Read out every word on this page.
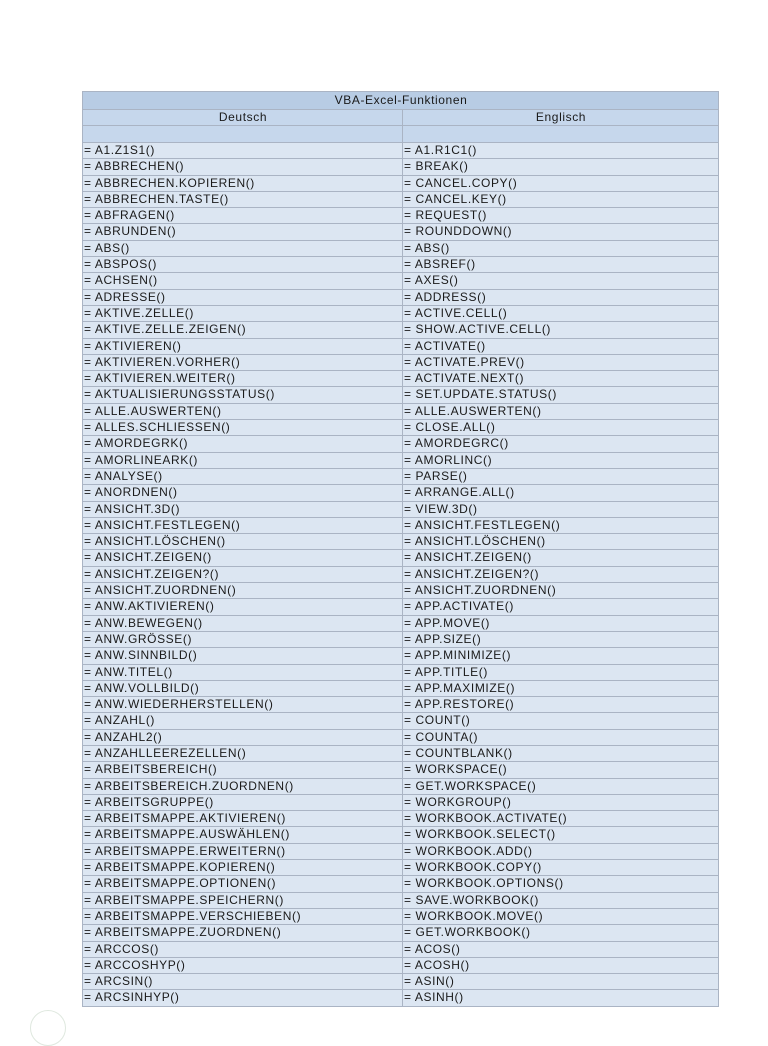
VBA-Excel-Funktionen	
Deutsch	Englisch

= A1.Z1S1()	= A1.R1C1()
= ABBRECHEN()	= BREAK()
= ABBRECHEN.KOPIEREN()	= CANCEL.COPY()
= ABBRECHEN.TASTE()	= CANCEL.KEY()
= ABFRAGEN()	= REQUEST()
= ABRUNDEN()	= ROUNDDOWN()
= ABS()	= ABS()
= ABSPOS()	= ABSREF()
= ACHSEN()	= AXES()
= ADRESSE()	= ADDRESS()
= AKTIVE.ZELLE()	= ACTIVE.CELL()
= AKTIVE.ZELLE.ZEIGEN()	= SHOW.ACTIVE.CELL()
= AKTIVIEREN()	= ACTIVATE()
= AKTIVIEREN.VORHER()	= ACTIVATE.PREV()
= AKTIVIEREN.WEITER()	= ACTIVATE.NEXT()
= AKTUALISIERUNGSSTATUS()	= SET.UPDATE.STATUS()
= ALLE.AUSWERTEN()	= ALLE.AUSWERTEN()
= ALLES.SCHLIESSEN()	= CLOSE.ALL()
= AMORDEGRK()	= AMORDEGRC()
= AMORLINEARK()	= AMORLINC()
= ANALYSE()	= PARSE()
= ANORDNEN()	= ARRANGE.ALL()
= ANSICHT.3D()	= VIEW.3D()
= ANSICHT.FESTLEGEN()	= ANSICHT.FESTLEGEN()
= ANSICHT.LÖSCHEN()	= ANSICHT.LÖSCHEN()
= ANSICHT.ZEIGEN()	= ANSICHT.ZEIGEN()
= ANSICHT.ZEIGEN?()	= ANSICHT.ZEIGEN?()
= ANSICHT.ZUORDNEN()	= ANSICHT.ZUORDNEN()
= ANW.AKTIVIEREN()	= APP.ACTIVATE()
= ANW.BEWEGEN()	= APP.MOVE()
= ANW.GRÖSSE()	= APP.SIZE()
= ANW.SINNBILD()	= APP.MINIMIZE()
= ANW.TITEL()	= APP.TITLE()
= ANW.VOLLBILD()	= APP.MAXIMIZE()
= ANW.WIEDERHERSTELLEN()	= APP.RESTORE()
= ANZAHL()	= COUNT()
= ANZAHL2()	= COUNTA()
= ANZAHLLEEREZELLEN()	= COUNTBLANK()
= ARBEITSBEREICH()	= WORKSPACE()
= ARBEITSBEREICH.ZUORDNEN()	= GET.WORKSPACE()
= ARBEITSGRUPPE()	= WORKGROUP()
= ARBEITSMAPPE.AKTIVIEREN()	= WORKBOOK.ACTIVATE()
= ARBEITSMAPPE.AUSWÄHLEN()	= WORKBOOK.SELECT()
= ARBEITSMAPPE.ERWEITERN()	= WORKBOOK.ADD()
= ARBEITSMAPPE.KOPIEREN()	= WORKBOOK.COPY()
= ARBEITSMAPPE.OPTIONEN()	= WORKBOOK.OPTIONS()
= ARBEITSMAPPE.SPEICHERN()	= SAVE.WORKBOOK()
= ARBEITSMAPPE.VERSCHIEBEN()	= WORKBOOK.MOVE()
= ARBEITSMAPPE.ZUORDNEN()	= GET.WORKBOOK()
= ARCCOS()	= ACOS()
= ARCCOSHYP()	= ACOSH()
= ARCSIN()	= ASIN()
= ARCSINHYP()	= ASINH()
